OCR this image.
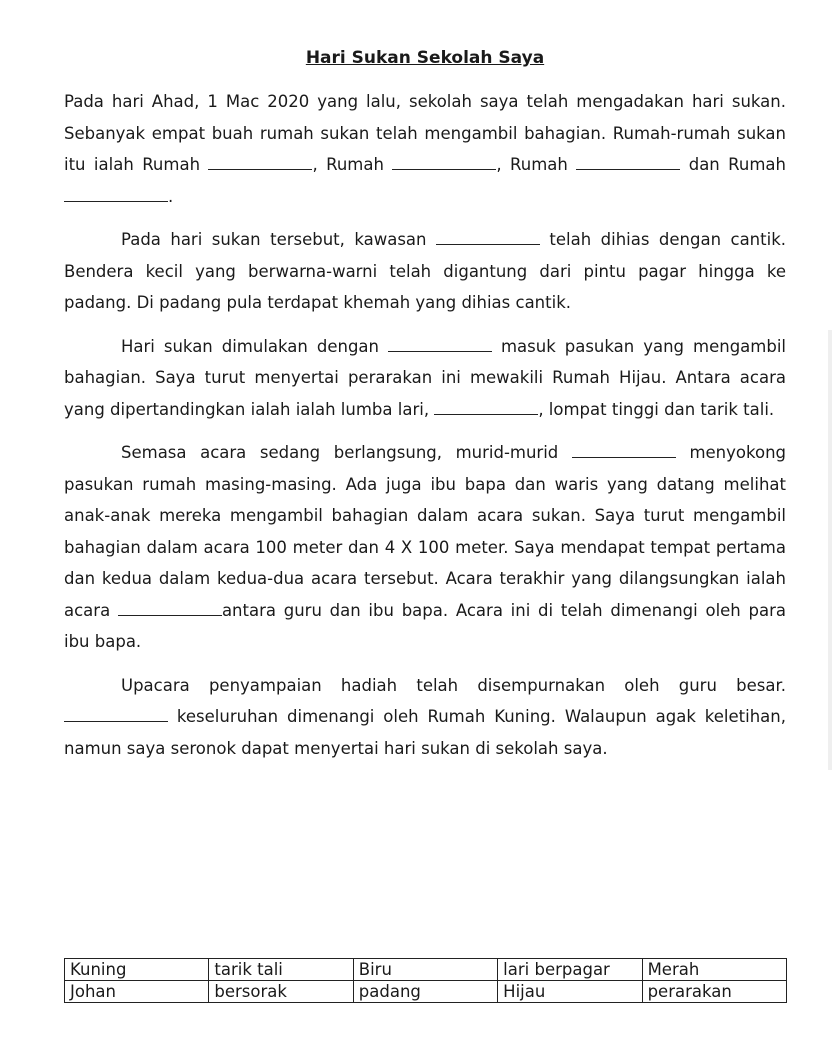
Hari Sukan Sekolah Saya

Pada hari Ahad, 1 Mac 2020 yang lalu, sekolah saya telah mengadakan hari sukan. Sebanyak empat buah rumah sukan telah mengambil bahagian. Rumah-rumah sukan itu ialah Rumah	, Rumah	, Rumah	dan Rumah .

Pada hari sukan tersebut, kawasan	telah dihias dengan cantik. Bendera kecil yang berwarna-warni telah digantung dari pintu pagar hingga ke padang. Di padang pula terdapat khemah yang dihias cantik.

Hari sukan dimulakan dengan	masuk pasukan yang mengambil bahagian. Saya turut menyertai perarakan ini mewakili Rumah Hijau. Antara acara yang dipertandingkan ialah ialah lumba lari,	, lompat tinggi dan tarik tali.

Semasa acara sedang berlangsung, murid-murid	menyokong pasukan rumah masing-masing. Ada juga ibu bapa dan waris yang datang melihat anak-anak mereka mengambil bahagian dalam acara sukan. Saya turut mengambil bahagian dalam acara 100 meter dan 4 X 100 meter. Saya mendapat tempat pertama dan kedua dalam kedua-dua acara tersebut. Acara terakhir yang dilangsungkan ialah acara	antara guru dan ibu bapa. Acara ini di telah dimenangi oleh para ibu bapa.

Upacara penyampaian hadiah telah disempurnakan oleh guru besar.  keseluruhan dimenangi oleh Rumah Kuning. Walaupun agak keletihan, namun saya seronok dapat menyertai hari sukan di sekolah saya.

Kuning	tarik tali	Biru	lari berpagar	Merah
Johan	bersorak	padang	Hijau	perarakan
